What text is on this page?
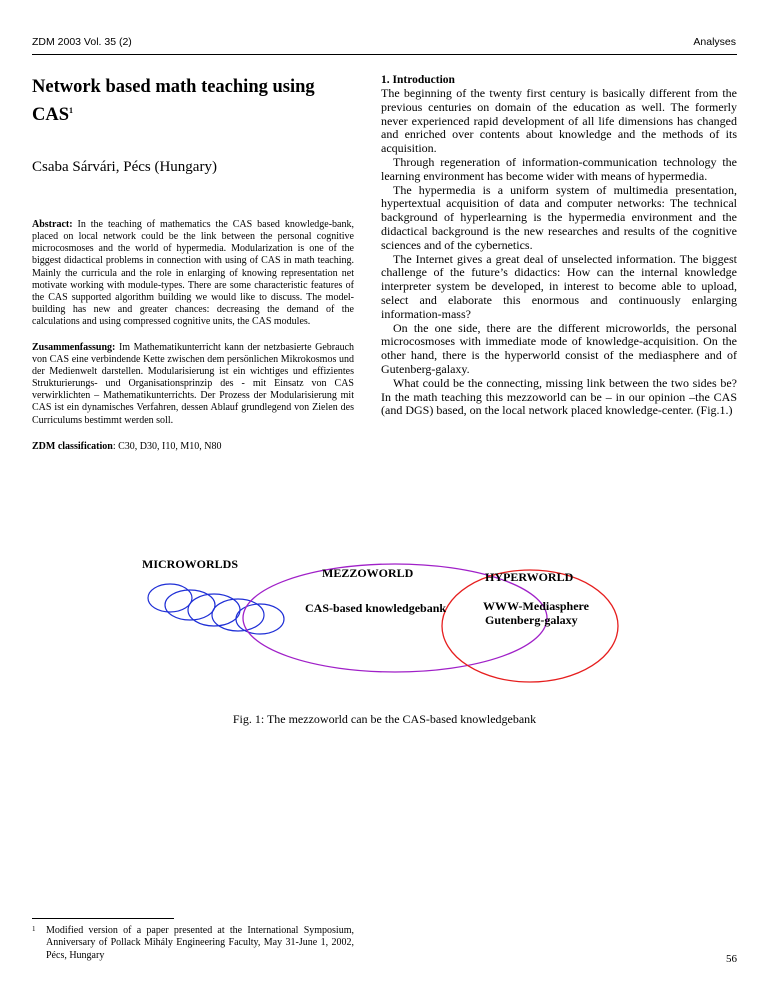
ZDM 2003 Vol. 35 (2)	Analyses
Network based math teaching using CAS$^1$

Csaba Sárvári, Pécs (Hungary)

Abstract: In the teaching of mathematics the CAS based knowledge-bank, placed on local network could be the link between the personal cognitive microcosmoses and the world of hypermedia. Modularization is one of the biggest didactical problems in connection with using of CAS in math teaching. Mainly the curricula and the role in enlarging of knowing representation net motivate working with module-types. There are some characteristic features of the CAS supported algorithm building we would like to discuss. The model-building has new and greater chances: decreasing the demand of the calculations and using compressed cognitive units, the CAS modules.

Zusammenfassung: Im Mathematikunterricht kann der netzbasierte Gebrauch von CAS eine verbindende Kette zwischen dem persönlichen Mikrokosmos und der Medienwelt darstellen. Modularisierung ist ein wichtiges und effizientes Strukturierungs- und Organisationsprinzip des - mit Einsatz von CAS verwirklichten – Mathematikunterrichts. Der Prozess der Modularisierung mit CAS ist ein dynamisches Verfahren, dessen Ablauf grundlegend von Zielen des Curriculums bestimmt werden soll.

ZDM classification: C30, D30, I10, M10, N80

1. Introduction

The beginning of the twenty first century is basically different from the previous centuries on domain of the education as well. The formerly never experienced rapid development of all life dimensions has changed and enriched over contents about knowledge and the methods of its acquisition.

Through regeneration of information-communication technology the learning environment has become wider with means of hypermedia.

The hypermedia is a uniform system of multimedia presentation, hypertextual acquisition of data and computer networks: The technical background of hyperlearning is the hypermedia environment and the didactical background is the new researches and results of the cognitive sciences and of the cybernetics.

The Internet gives a great deal of unselected information. The biggest challenge of the future’s didactics: How can the internal knowledge interpreter system be developed, in interest to become able to upload, select and elaborate this enormous and continuously enlarging information-mass?

On the one side, there are the different microworlds, the personal microcosmoses with immediate mode of knowledge-acquisition. On the other hand, there is the hyperworld consist of the mediasphere and of Gutenberg-galaxy.

What could be the connecting, missing link between the two sides be? In the math teaching this mezzoworld can be – in our opinion –the CAS (and DGS) based, on the local network placed knowledge-center. (Fig.1.)

MICROWORLDS
MEZZOWORLD	HYPERWORLD
CAS-based knowledgebank	WWW-Mediasphere
Gutenberg-galaxy
Fig. 1: The mezzoworld can be the CAS-based knowledgebank
1	Modified version of a paper presented at the International Symposium, Anniversary of Pollack Mihály Engineering Faculty, May 31-June 1, 2002, Pécs, Hungary	56
